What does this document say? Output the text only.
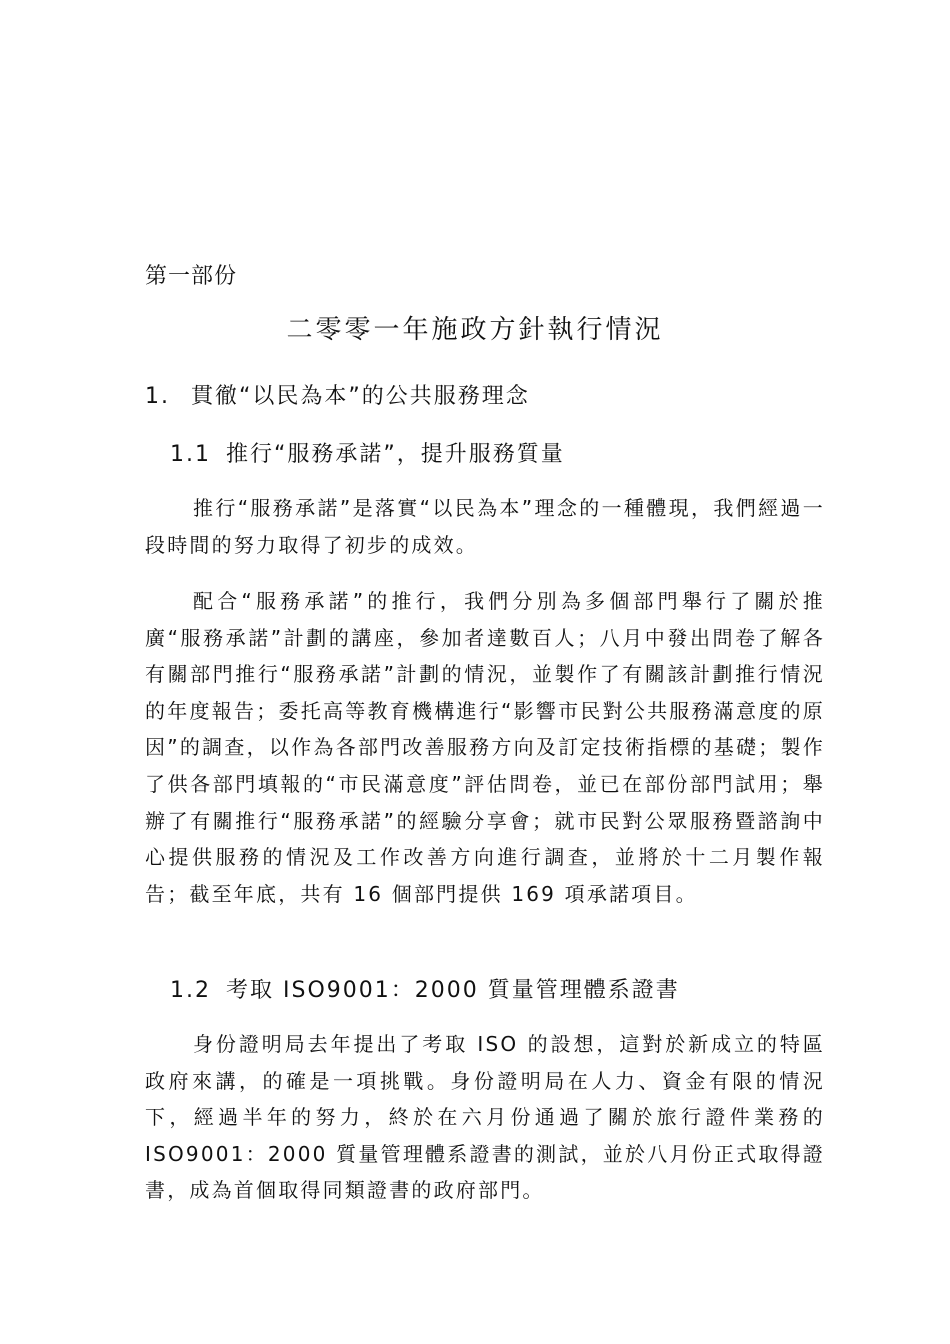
第一部份
二零零一年施政方針執行情況
1. 貫徹“以民為本”的公共服務理念
1.1 推行“服務承諾”，提升服務質量

推行“服務承諾”是落實“以民為本”理念的一種體現，我們經過一段時間的努力取得了初步的成效。

配合“服務承諾”的推行，我們分別為多個部門舉行了關於推廣“服務承諾”計劃的講座，參加者達數百人；八月中發出問卷了解各有關部門推行“服務承諾”計劃的情況，並製作了有關該計劃推行情況的年度報告；委托高等教育機構進行“影響市民對公共服務滿意度的原因”的調查，以作為各部門改善服務方向及訂定技術指標的基礎；製作了供各部門填報的“市民滿意度”評估問卷，並已在部份部門試用；舉辦了有關推行“服務承諾”的經驗分享會；就市民對公眾服務暨諮詢中心提供服務的情況及工作改善方向進行調查，並將於十二月製作報告；截至年底，共有 16 個部門提供 169 項承諾項目。

1.2 考取 ISO9001：2000 質量管理體系證書

身份證明局去年提出了考取 ISO 的設想，這對於新成立的特區政府來講，的確是一項挑戰。身份證明局在人力、資金有限的情況下，經過半年的努力，終於在六月份通過了關於旅行證件業務的 ISO9001：2000 質量管理體系證書的測試，並於八月份正式取得證書，成為首個取得同類證書的政府部門。
